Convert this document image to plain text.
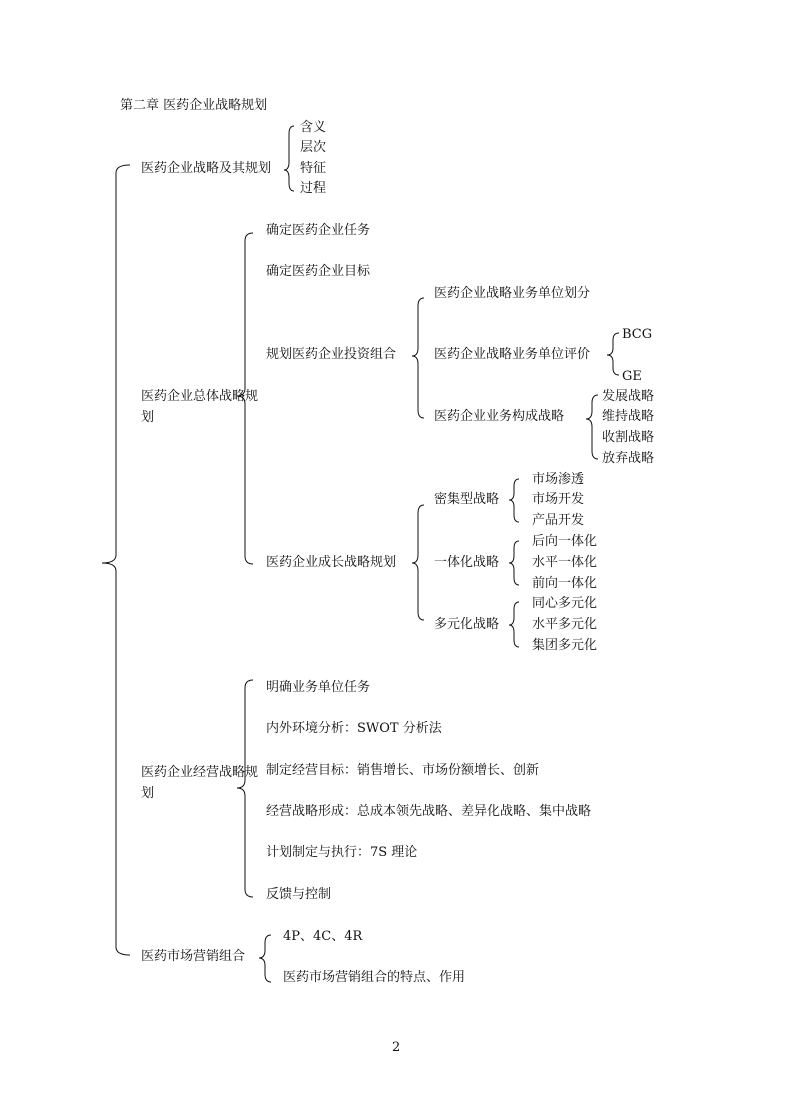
第二章 医药企业战略规划
医药企业战略及其规划
含义
层次
特征
过程
医药企业总体战略规划
确定医药企业任务
确定医药企业目标
规划医药企业投资组合
医药企业战略业务单位划分
医药企业战略业务单位评价
BCG
GE
医药企业业务构成战略
发展战略
维持战略
收割战略
放弃战略
医药企业成长战略规划
密集型战略
市场渗透
市场开发
产品开发
一体化战略
后向一体化
水平一体化
前向一体化
多元化战略
同心多元化
水平多元化
集团多元化
医药企业经营战略规划
明确业务单位任务
内外环境分析：SWOT 分析法
制定经营目标：销售增长、市场份额增长、创新
经营战略形成：总成本领先战略、差异化战略、集中战略
计划制定与执行：7S 理论
反馈与控制
医药市场营销组合
4P、4C、4R
医药市场营销组合的特点、作用
2
